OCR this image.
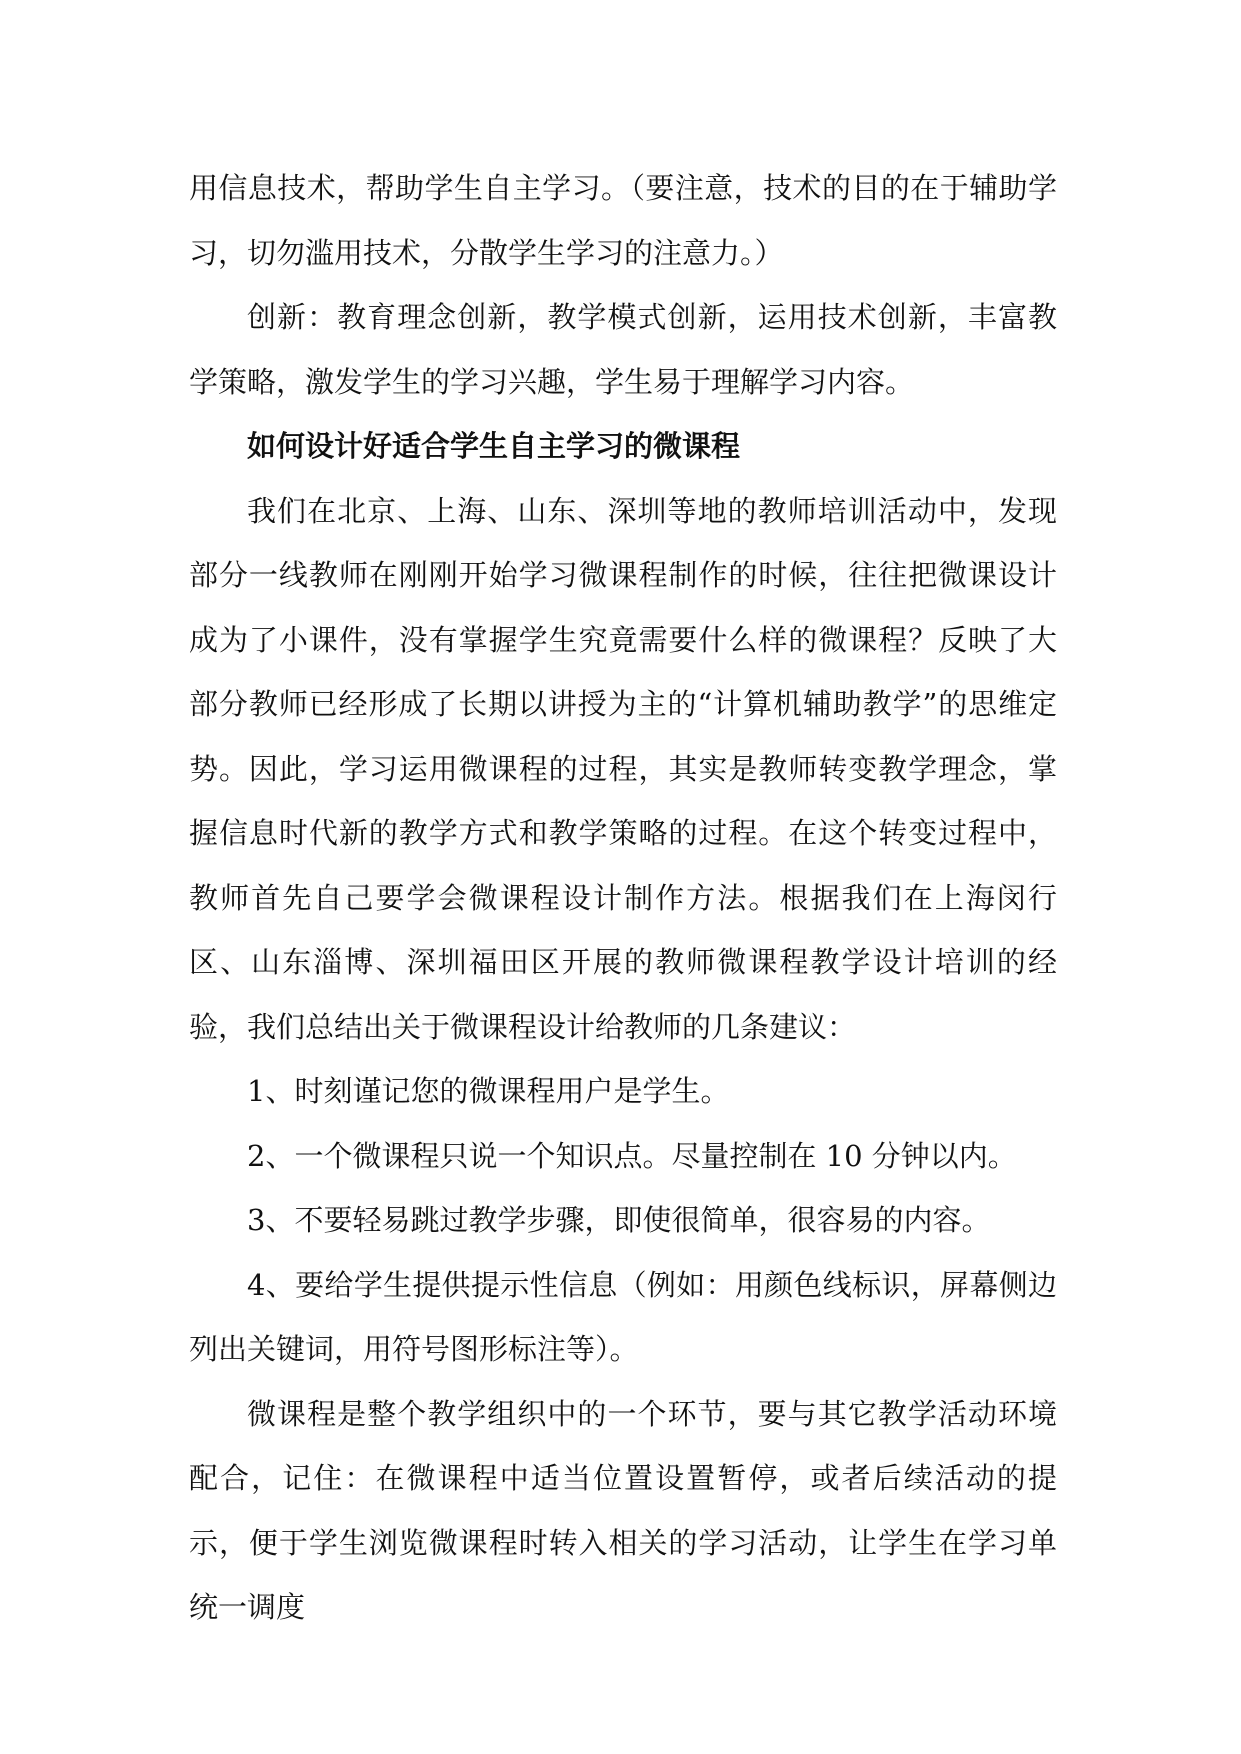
用信息技术，帮助学生自主学习。（要注意，技术的目的在于辅助学习，切勿滥用技术，分散学生学习的注意力。）

创新：教育理念创新，教学模式创新，运用技术创新，丰富教学策略，激发学生的学习兴趣，学生易于理解学习内容。

如何设计好适合学生自主学习的微课程

我们在北京、上海、山东、深圳等地的教师培训活动中，发现部分一线教师在刚刚开始学习微课程制作的时候，往往把微课设计成为了小课件，没有掌握学生究竟需要什么样的微课程？反映了大部分教师已经形成了长期以讲授为主的“计算机辅助教学”的思维定势。因此，学习运用微课程的过程，其实是教师转变教学理念，掌握信息时代新的教学方式和教学策略的过程。在这个转变过程中，教师首先自己要学会微课程设计制作方法。根据我们在上海闵行区、山东淄博、深圳福田区开展的教师微课程教学设计培训的经验，我们总结出关于微课程设计给教师的几条建议：

1、时刻谨记您的微课程用户是学生。

2、一个微课程只说一个知识点。尽量控制在 10 分钟以内。

3、不要轻易跳过教学步骤，即使很简单，很容易的内容。

4、要给学生提供提示性信息（例如：用颜色线标识，屏幕侧边列出关键词，用符号图形标注等）。

微课程是整个教学组织中的一个环节，要与其它教学活动环境配合，记住：在微课程中适当位置设置暂停，或者后续活动的提示，便于学生浏览微课程时转入相关的学习活动，让学生在学习单统一调度
